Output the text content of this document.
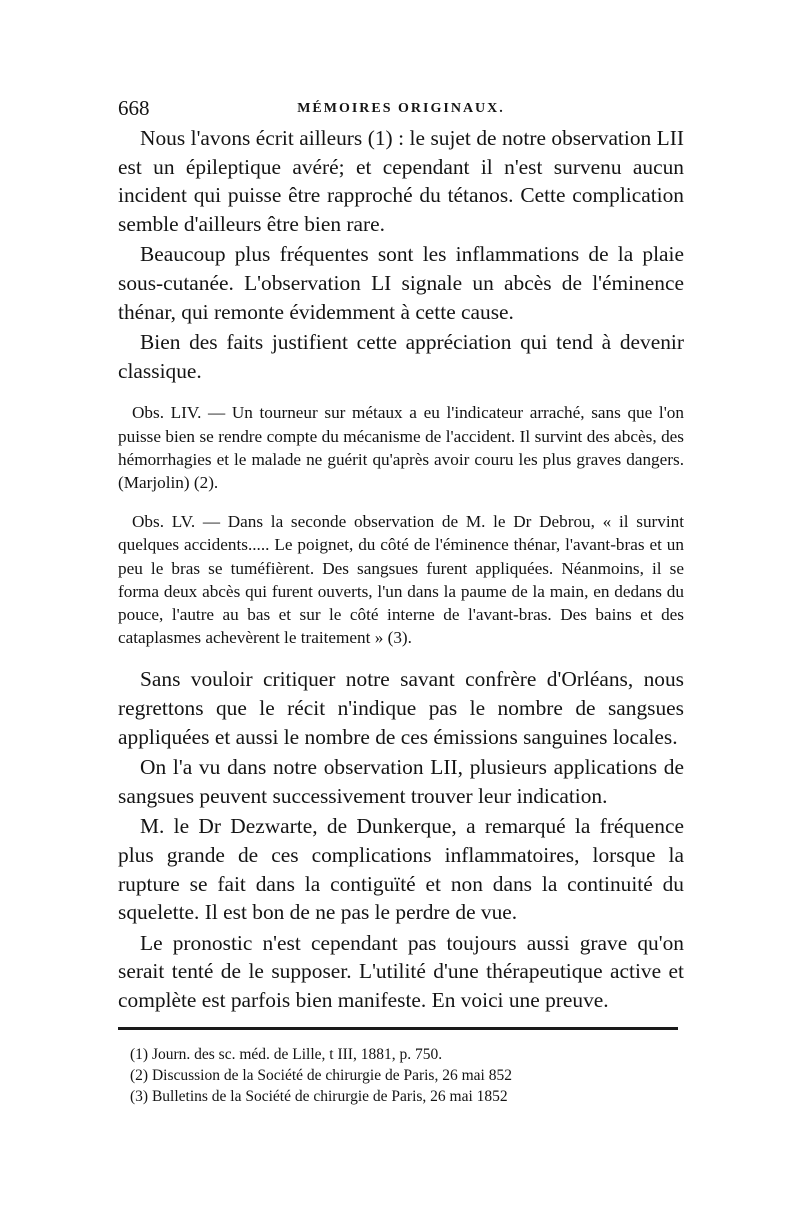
668	MÉMOIRES ORIGINAUX.

Nous l'avons écrit ailleurs (1) : le sujet de notre observation LII est un épileptique avéré; et cependant il n'est survenu aucun incident qui puisse être rapproché du tétanos. Cette complication semble d'ailleurs être bien rare.

Beaucoup plus fréquentes sont les inflammations de la plaie sous-cutanée. L'observation LI signale un abcès de l'éminence thénar, qui remonte évidemment à cette cause.

Bien des faits justifient cette appréciation qui tend à devenir classique.

Obs. LIV. — Un tourneur sur métaux a eu l'indicateur arraché, sans que l'on puisse bien se rendre compte du mécanisme de l'accident. Il survint des abcès, des hémorrhagies et le malade ne guérit qu'après avoir couru les plus graves dangers. (Marjolin) (2).

Obs. LV. — Dans la seconde observation de M. le Dr Debrou, « il survint quelques accidents..... Le poignet, du côté de l'éminence thénar, l'avant-bras et un peu le bras se tuméfièrent. Des sangsues furent appliquées. Néanmoins, il se forma deux abcès qui furent ouverts, l'un dans la paume de la main, en dedans du pouce, l'autre au bas et sur le côté interne de l'avant-bras. Des bains et des cataplasmes achevèrent le traitement » (3).

Sans vouloir critiquer notre savant confrère d'Orléans, nous regrettons que le récit n'indique pas le nombre de sangsues appliquées et aussi le nombre de ces émissions sanguines locales.

On l'a vu dans notre observation LII, plusieurs applications de sangsues peuvent successivement trouver leur indication.

M. le Dr Dezwarte, de Dunkerque, a remarqué la fréquence plus grande de ces complications inflammatoires, lorsque la rupture se fait dans la contiguïté et non dans la continuité du squelette. Il est bon de ne pas le perdre de vue.

Le pronostic n'est cependant pas toujours aussi grave qu'on serait tenté de le supposer. L'utilité d'une thérapeutique active et complète est parfois bien manifeste. En voici une preuve.

(1) Journ. des sc. méd. de Lille, t III, 1881, p. 750.
(2) Discussion de la Société de chirurgie de Paris, 26 mai 852
(3) Bulletins de la Société de chirurgie de Paris, 26 mai 1852
